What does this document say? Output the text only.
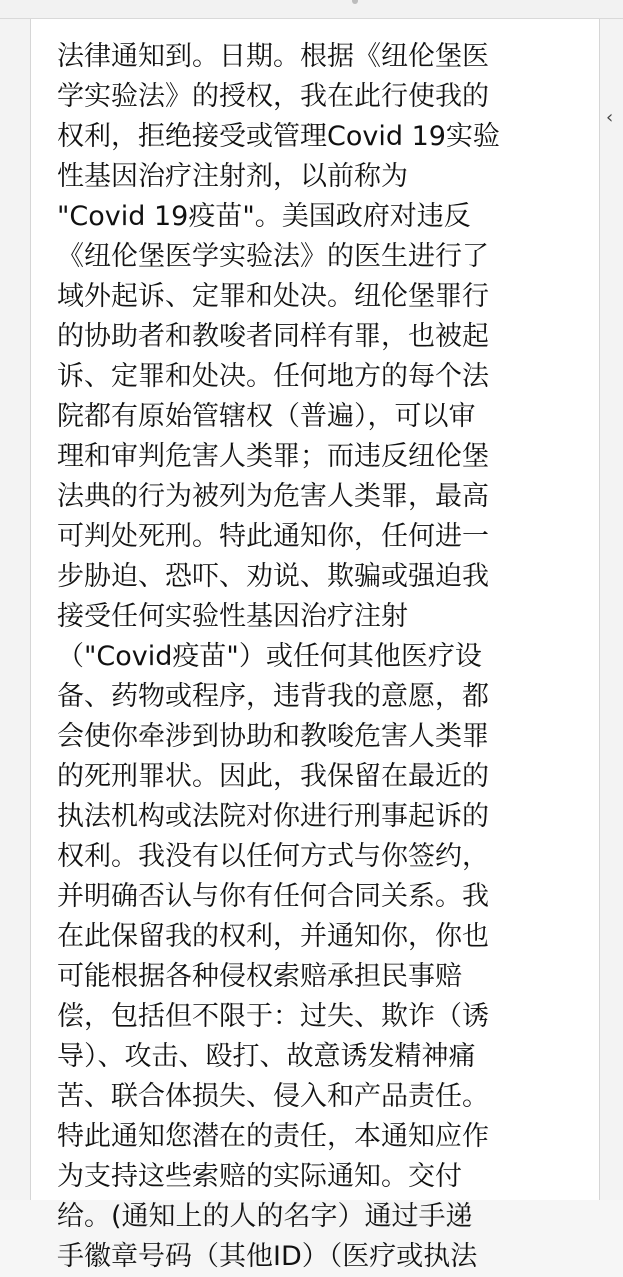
法律通知到。日期。根据《纽伦堡医
学实验法》的授权，我在此行使我的
权利，拒绝接受或管理Covid 19实验
性基因治疗注射剂，以前称为
"Covid 19疫苗"。美国政府对违反
《纽伦堡医学实验法》的医生进行了
域外起诉、定罪和处决。纽伦堡罪行
的协助者和教唆者同样有罪，也被起
诉、定罪和处决。任何地方的每个法
院都有原始管辖权（普遍），可以审
理和审判危害人类罪；而违反纽伦堡
法典的行为被列为危害人类罪，最高
可判处死刑。特此通知你，任何进一
步胁迫、恐吓、劝说、欺骗或强迫我
接受任何实验性基因治疗注射
（"Covid疫苗"）或任何其他医疗设
备、药物或程序，违背我的意愿，都
会使你牵涉到协助和教唆危害人类罪
的死刑罪状。因此，我保留在最近的
执法机构或法院对你进行刑事起诉的
权利。我没有以任何方式与你签约，
并明确否认与你有任何合同关系。我
在此保留我的权利，并通知你，你也
可能根据各种侵权索赔承担民事赔
偿，包括但不限于：过失、欺诈（诱
导）、攻击、殴打、故意诱发精神痛
苦、联合体损失、侵入和产品责任。
特此通知您潜在的责任，本通知应作
为支持这些索赔的实际通知。交付
给。(通知上的人的名字）通过手递
手徽章号码（其他ID）（医疗或执法
‹
